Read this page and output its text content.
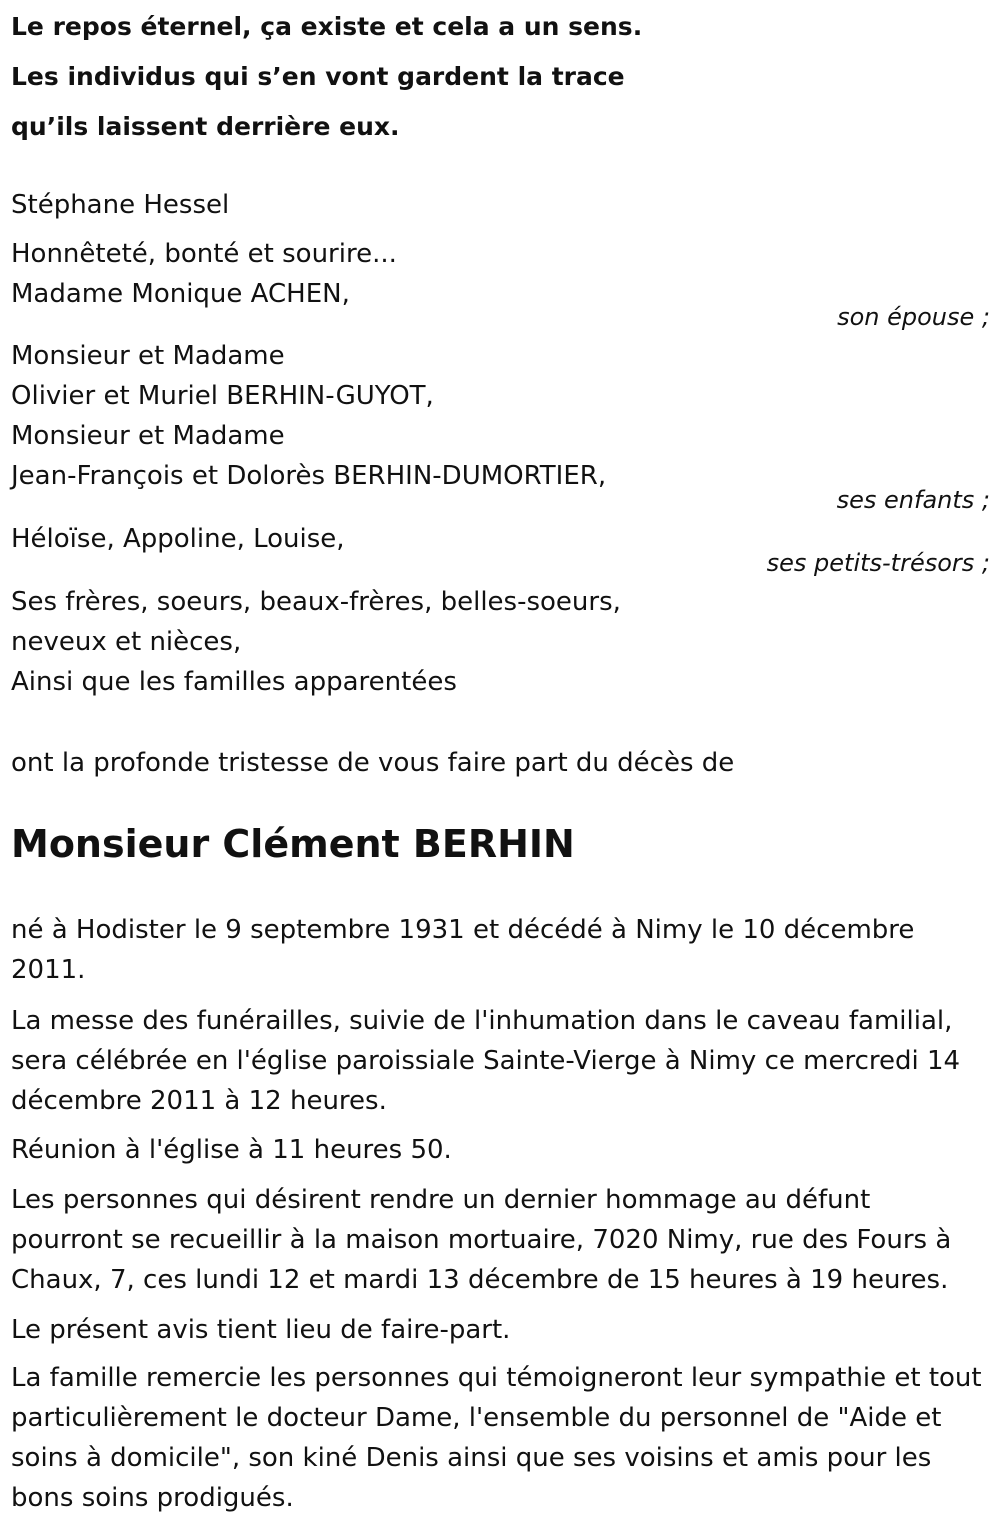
Le repos éternel, ça existe et cela a un sens.
Les individus qui s’en vont gardent la trace
qu’ils laissent derrière eux.
Stéphane Hessel
Honnêteté, bonté et sourire...
Madame Monique ACHEN,
son épouse ;
Monsieur et Madame
Olivier et Muriel BERHIN-GUYOT,
Monsieur et Madame
Jean-François et Dolorès BERHIN-DUMORTIER,
ses enfants ;
Héloïse, Appoline, Louise,
ses petits-trésors ;
Ses frères, soeurs, beaux-frères, belles-soeurs,
neveux et nièces,
Ainsi que les familles apparentées
ont la profonde tristesse de vous faire part du décès de
Monsieur Clément BERHIN
né à Hodister le 9 septembre 1931 et décédé à Nimy le 10 décembre 2011.
La messe des funérailles, suivie de l'inhumation dans le caveau familial, sera célébrée en l'église paroissiale Sainte-Vierge à Nimy ce mercredi 14 décembre 2011 à 12 heures.
Réunion à l'église à 11 heures 50.
Les personnes qui désirent rendre un dernier hommage au défunt pourront se recueillir à la maison mortuaire, 7020 Nimy, rue des Fours à Chaux, 7, ces lundi 12 et mardi 13 décembre de 15 heures à 19 heures.
Le présent avis tient lieu de faire-part.
La famille remercie les personnes qui témoigneront leur sympathie et tout particulièrement le docteur Dame, l'ensemble du personnel de "Aide et soins à domicile", son kiné Denis ainsi que ses voisins et amis pour les bons soins prodigués.
